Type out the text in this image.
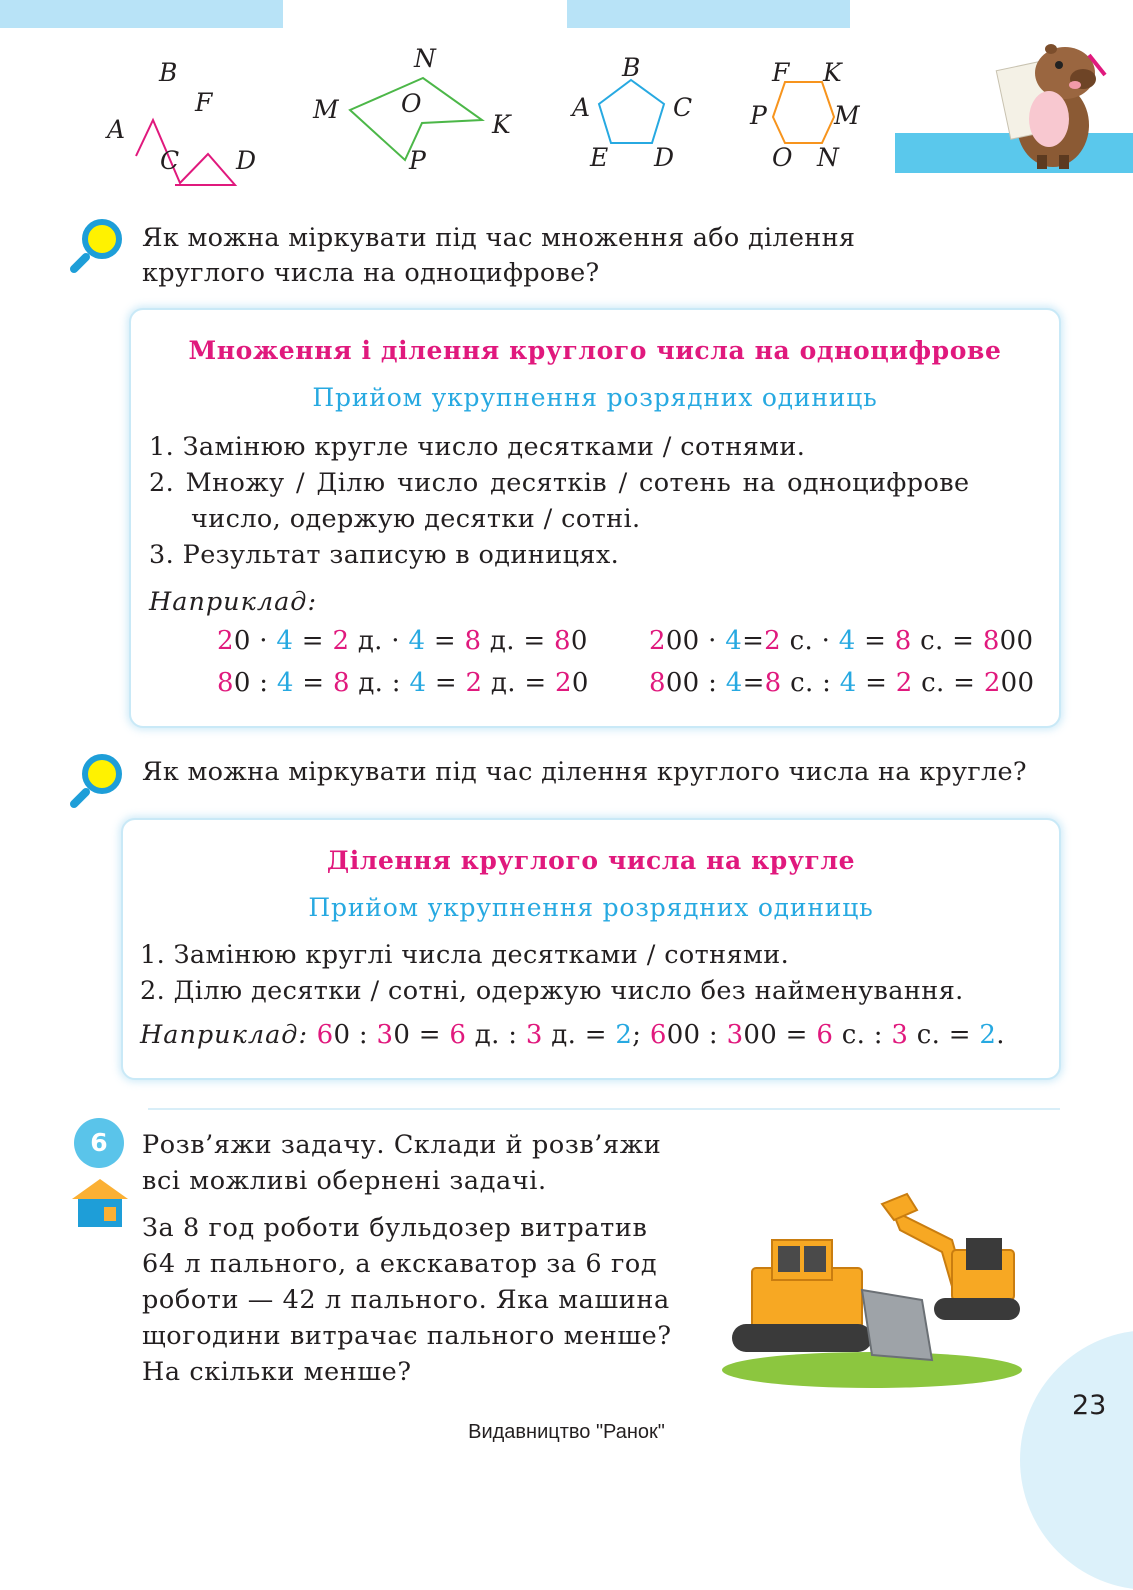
B
F
A
C D
N
M O
K
P
B
A	C
E D
F K
P	M
O N
Як можна міркувати під час множення або ділення
круглого числа на одноцифрове?
Множення і ділення круглого числа на одноцифрове
Прийом укрупнення розрядних одиниць
1. Замінюю кругле число десятками / сотнями.
2. Множу / Ділю число десятків / сотень на одноцифрове
число, одержую десятки / сотні.
3. Результат записую в одиницях.
Наприклад:
20 · 4 = 2 д. · 4 = 8 д. = 80 200 · 4=2 с. · 4 = 8 с. = 800
80 : 4 = 8 д. : 4 = 2 д. = 20 800 : 4=8 с. : 4 = 2 с. = 200
Як можна міркувати під час ділення круглого числа на кругле?
Ділення круглого числа на кругле
Прийом укрупнення розрядних одиниць
1. Замінюю круглі числа десятками / сотнями.
2. Ділю десятки / сотні, одержую число без найменування.
Наприклад: 60 : 30 = 6 д. : 3 д. = 2; 600 : 300 = 6 с. : 3 с. = 2.
6	Розв’яжи задачу. Склади й розв’яжи
всі можливі обернені задачі.
За 8 год роботи бульдозер витратив
64 л пального, а екскаватор за 6 год
роботи — 42 л пального. Яка машина
щогодини витрачає пального менше?
На скільки менше?
23
Видавництво "Ранок"
